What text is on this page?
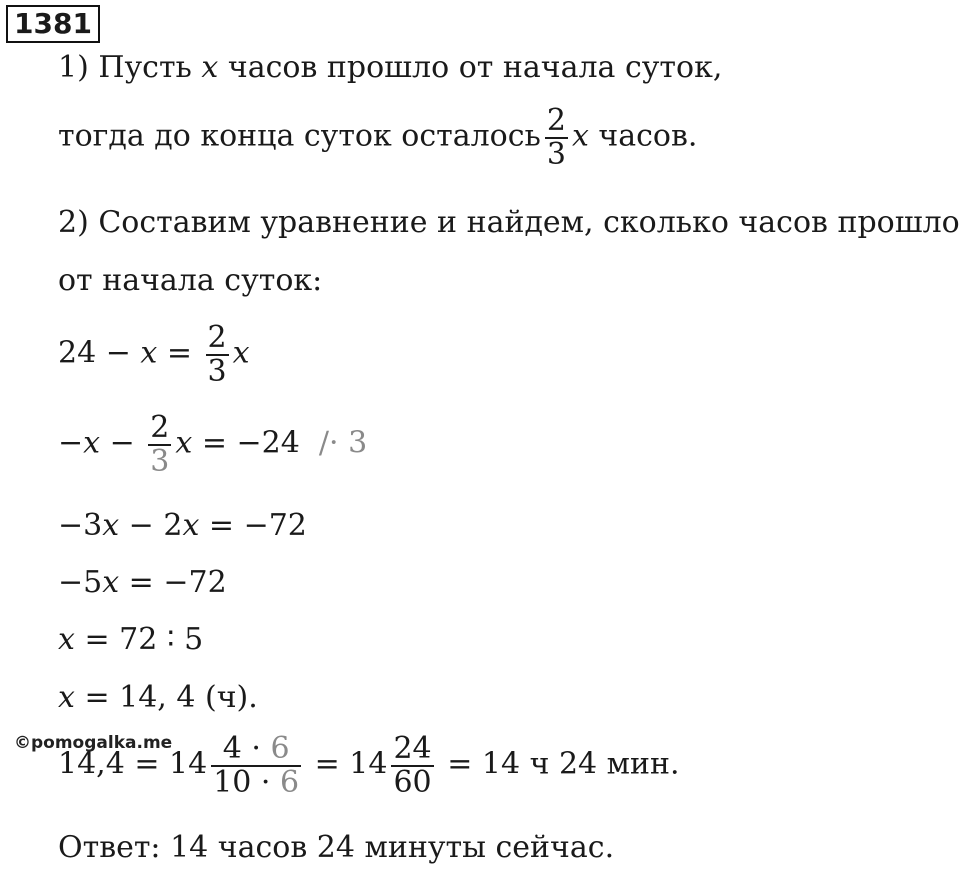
1381
1) Пусть x часов прошло от начала суток,
тогда до конца суток осталось $\frac{2}{3}$ x часов.
2) Составим уравнение и найдем, сколько часов прошло
от начала суток:
$24 - x = \frac{2}{3}$ x
$-x - \frac{2}{3}$ x = −24  /· 3
−3𝑥 − 2𝑥 = −72
−5𝑥 = −72
𝑥 = 72 ∶ 5
𝑥 = 14, 4 (ч).
©pomogalka.me
$14,4 = 14 \frac{4 \cdot 6}{10 \cdot 6} = 14 \frac{24}{60} = 14$ ч 24 мин.
Ответ: 14 часов 24 минуты сейчас.
